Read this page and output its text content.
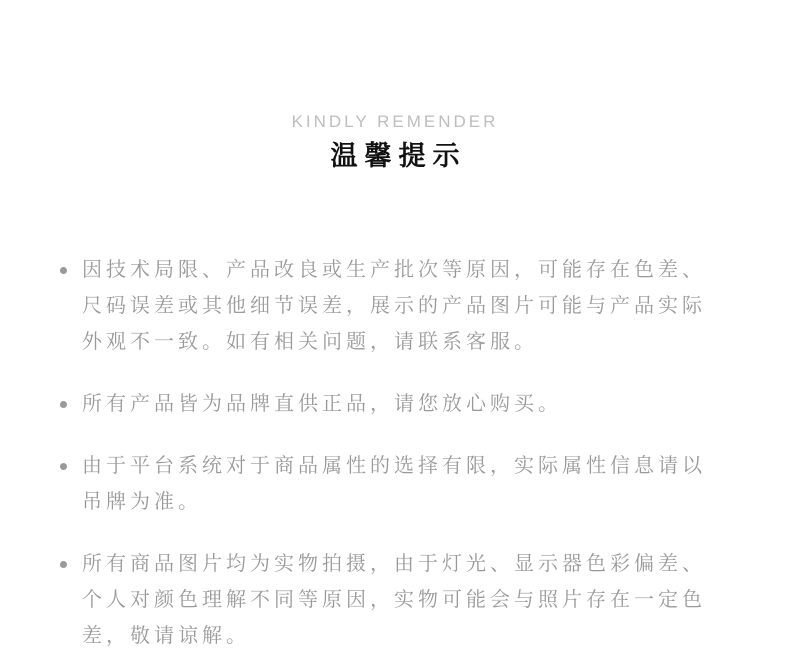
KINDLY REMENDER
温馨提示

因技术局限、产品改良或生产批次等原因，可能存在色差、尺码误差或其他细节误差，展示的产品图片可能与产品实际外观不一致。如有相关问题，请联系客服。

所有产品皆为品牌直供正品，请您放心购买。

由于平台系统对于商品属性的选择有限，实际属性信息请以吊牌为准。

所有商品图片均为实物拍摄，由于灯光、显示器色彩偏差、个人对颜色理解不同等原因，实物可能会与照片存在一定色差，敬请谅解。
